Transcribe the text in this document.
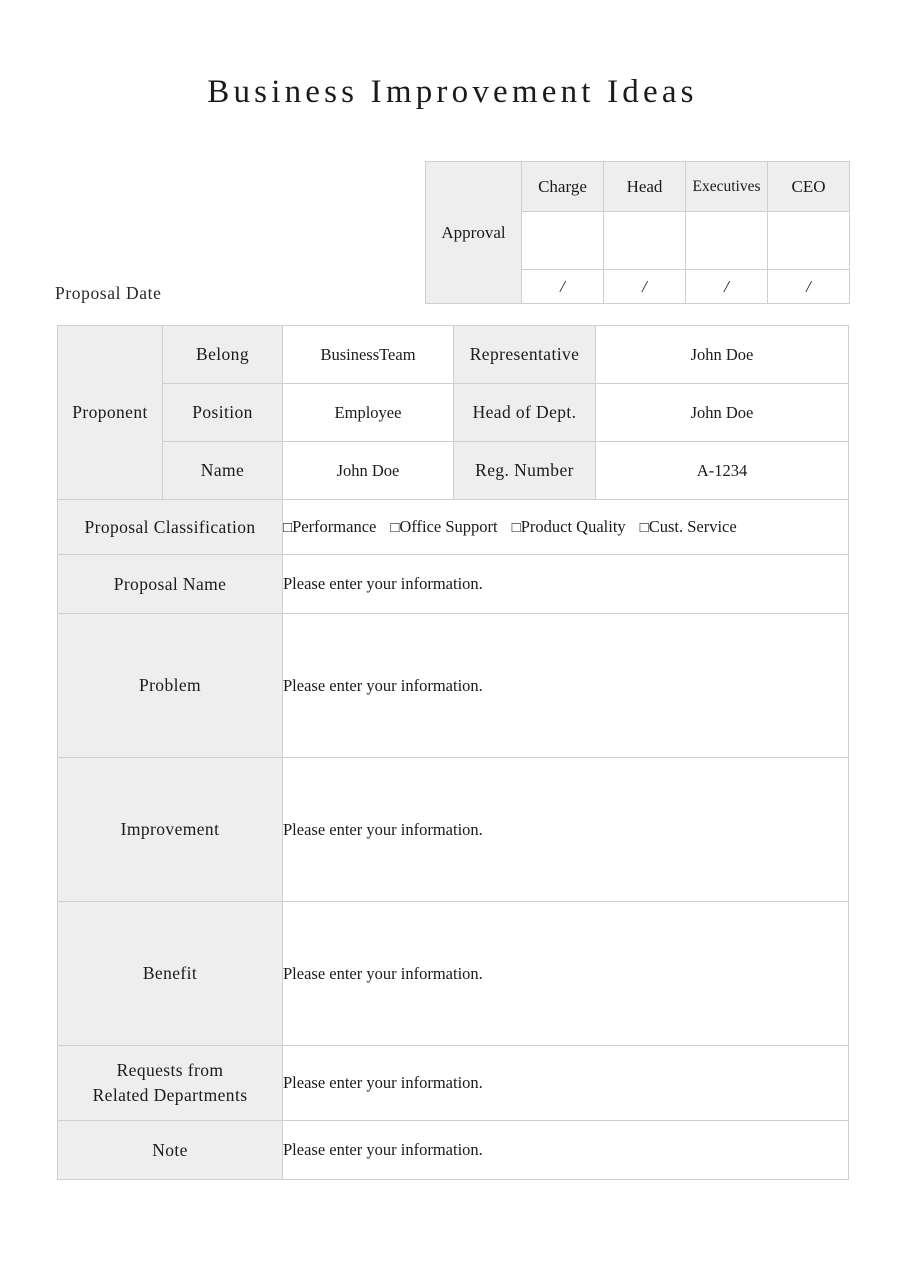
Business Improvement Ideas
Approval	Charge	Head	Executives	CEO

	/	/	/	/
Proposal Date
Proponent	Belong	BusinessTeam	Representative	John Doe
	Position	Employee	Head of Dept.	John Doe
	Name	John Doe	Reg. Number	A-1234
Proposal Classification		□Performance □Office Support □Product Quality □Cust. Service		
Proposal Name		Please enter your information.		
Problem		Please enter your information.		
Improvement		Please enter your information.		
Benefit		Please enter your information.		

Requests from
Related Departments		Please enter your information.		
Note		Please enter your information.		
